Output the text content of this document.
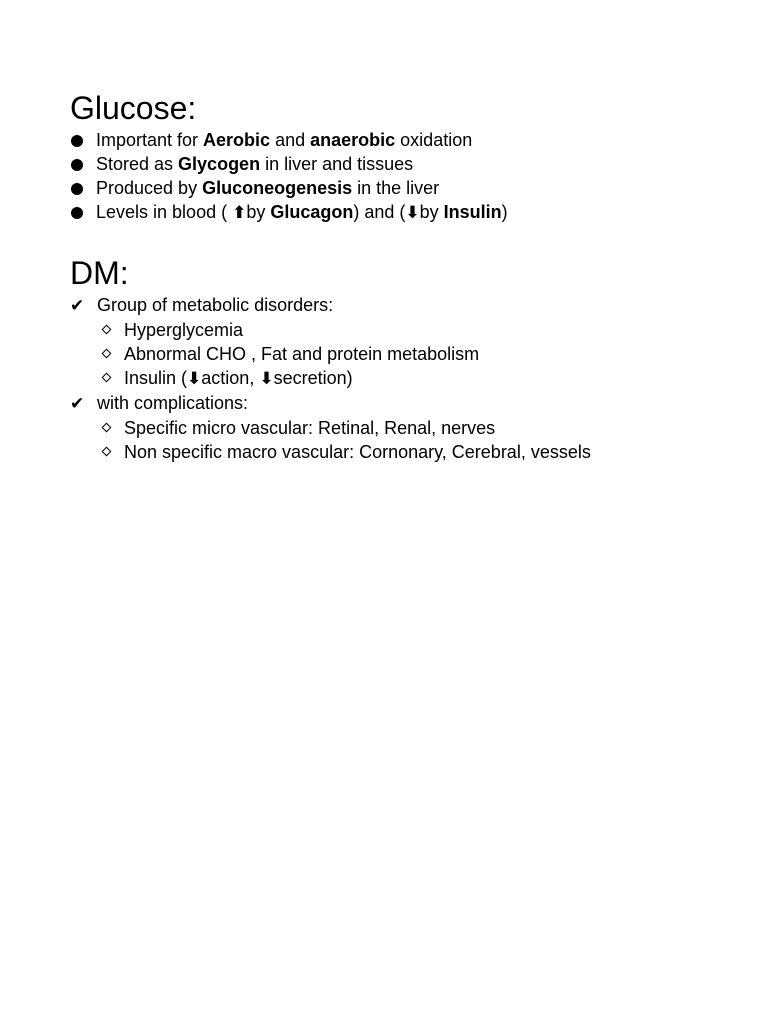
Glucose:
Important for Aerobic and anaerobic oxidation
Stored as Glycogen in liver and tissues
Produced by Gluconeogenesis in the liver
Levels in blood ( ⬆by Glucagon) and (⬇by Insulin)
DM:
✔ Group of metabolic disorders:
Hyperglycemia
Abnormal CHO , Fat and protein metabolism
Insulin (⬇action, ⬇secretion)
✔ with complications:
Specific micro vascular: Retinal, Renal, nerves
Non specific macro vascular: Cornonary, Cerebral, vessels
